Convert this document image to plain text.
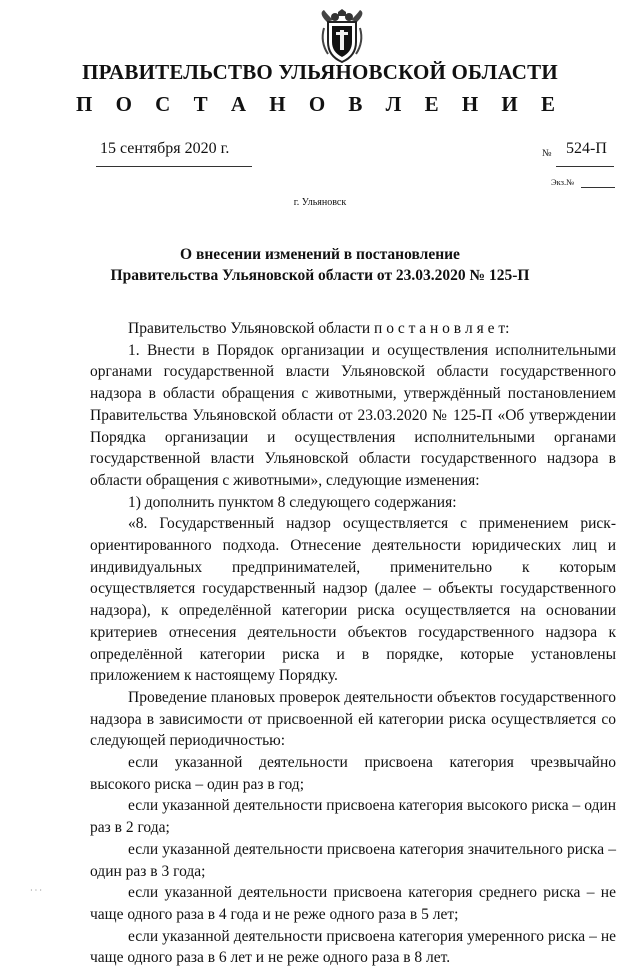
ПРАВИТЕЛЬСТВО УЛЬЯНОВСКОЙ ОБЛАСТИ
П О С Т А Н О В Л Е Н И Е
15 сентября 2020 г.	№ 524-П
Экз.№
г. Ульяновск
О внесении изменений в постановление
Правительства Ульяновской области от 23.03.2020 № 125-П

Правительство Ульяновской области п о с т а н о в л я е т:

1. Внести в Порядок организации и осуществления исполнительными органами государственной власти Ульяновской области государственного надзора в области обращения с животными, утверждённый постановлением Правительства Ульяновской области от 23.03.2020 № 125-П «Об утверждении Порядка организации и осуществления исполнительными органами государственной власти Ульяновской области государственного надзора в области обращения с животными», следующие изменения:

1) дополнить пунктом 8 следующего содержания:

«8. Государственный надзор осуществляется с применением риск-ориентированного подхода. Отнесение деятельности юридических лиц и индивидуальных предпринимателей, применительно к которым осуществляется государственный надзор (далее – объекты государственного надзора), к определённой категории риска осуществляется на основании критериев отнесения деятельности объектов государственного надзора к определённой категории риска и в порядке, которые установлены приложением к настоящему Порядку.

Проведение плановых проверок деятельности объектов государственного надзора в зависимости от присвоенной ей категории риска осуществляется со следующей периодичностью:

если указанной деятельности присвоена категория чрезвычайно высокого риска – один раз в год;

если указанной деятельности присвоена категория высокого риска – один раз в 2 года;

если указанной деятельности присвоена категория значительного риска – один раз в 3 года;

если указанной деятельности присвоена категория среднего риска – не чаще одного раза в 4 года и не реже одного раза в 5 лет;

если указанной деятельности присвоена категория умеренного риска – не чаще одного раза в 6 лет и не реже одного раза в 8 лет.

· · ·
